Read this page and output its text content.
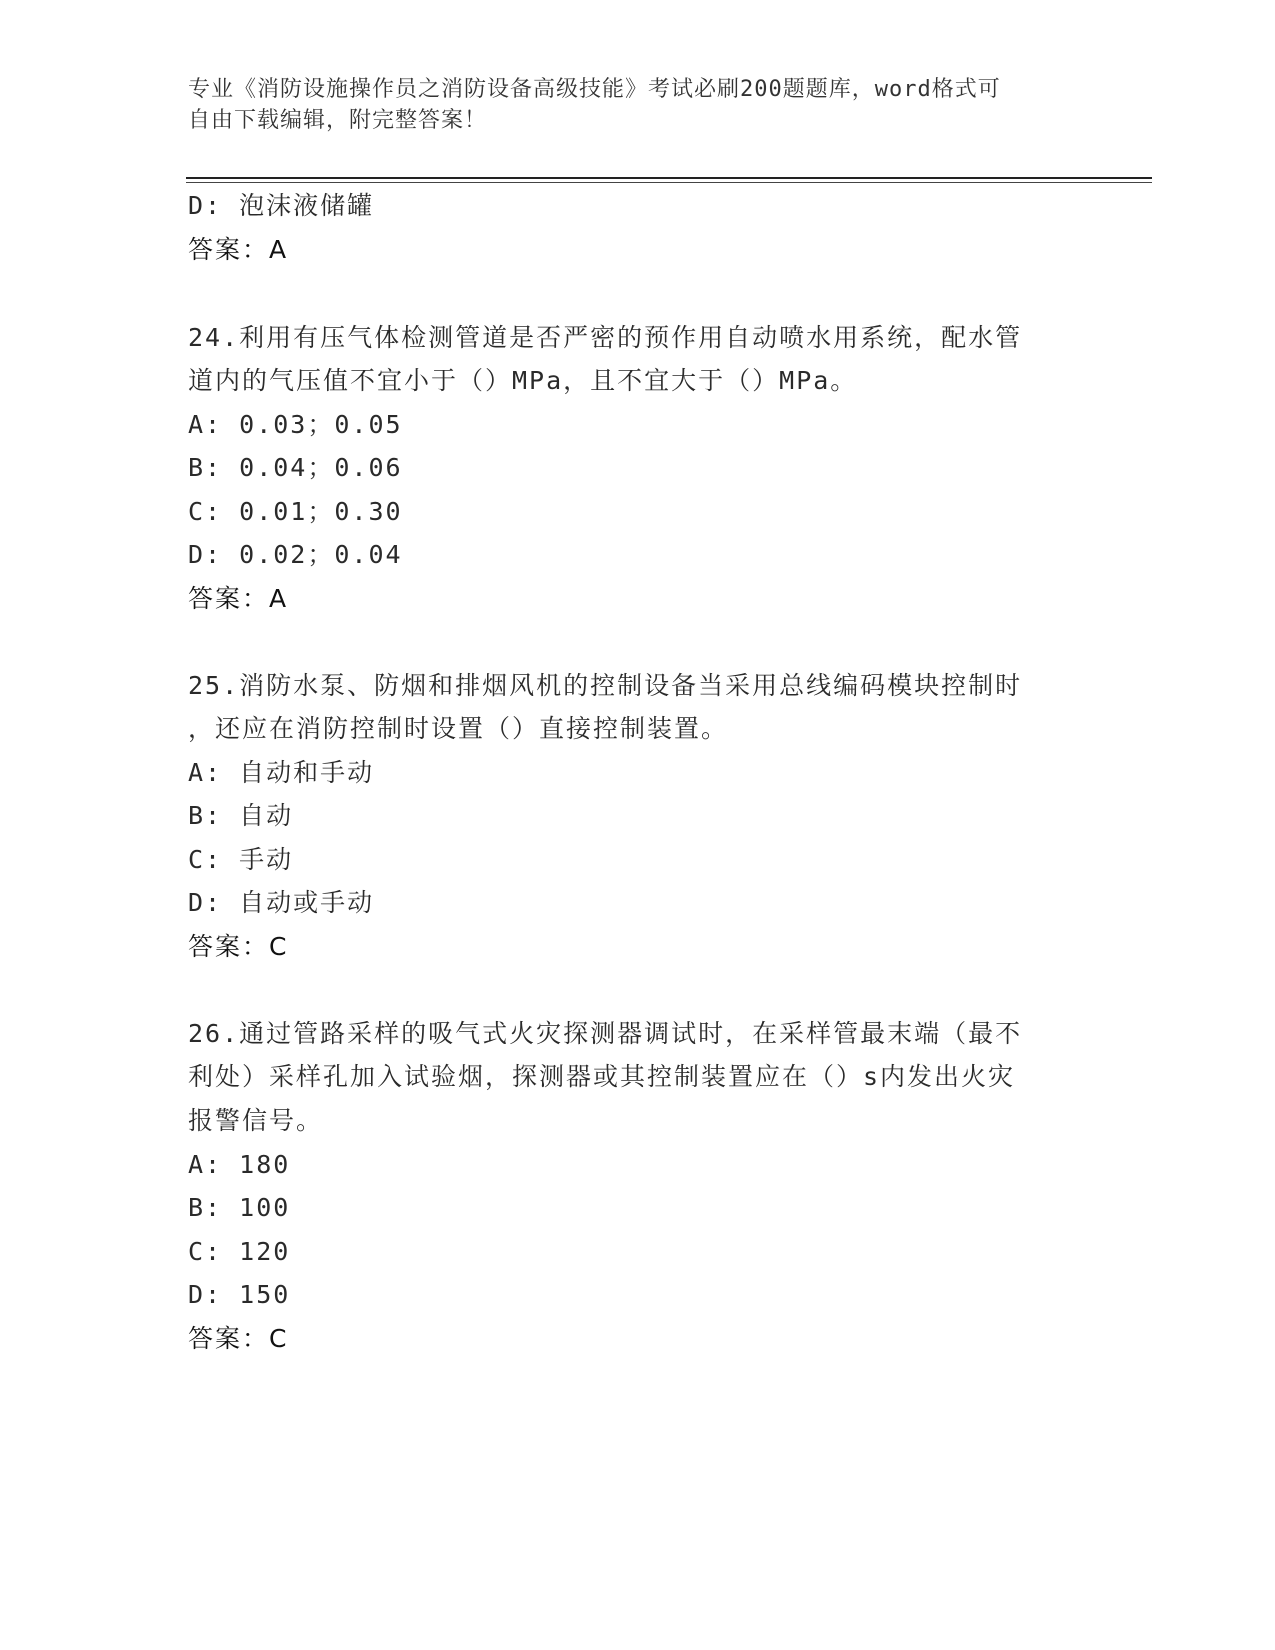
专业《消防设施操作员之消防设备高级技能》考试必刷200题题库，word格式可
自由下载编辑，附完整答案！
D: 泡沫液储罐
答案：A
24.利用有压气体检测管道是否严密的预作用自动喷水用系统，配水管
道内的气压值不宜小于（）MPa，且不宜大于（）MPa。
A: 0.03；0.05
B: 0.04；0.06
C: 0.01；0.30
D: 0.02；0.04
答案：A
25.消防水泵、防烟和排烟风机的控制设备当采用总线编码模块控制时
，还应在消防控制时设置（）直接控制装置。
A: 自动和手动
B: 自动
C: 手动
D: 自动或手动
答案：C
26.通过管路采样的吸气式火灾探测器调试时，在采样管最末端（最不
利处）采样孔加入试验烟，探测器或其控制装置应在（）s内发出火灾
报警信号。
A: 180
B: 100
C: 120
D: 150
答案：C
